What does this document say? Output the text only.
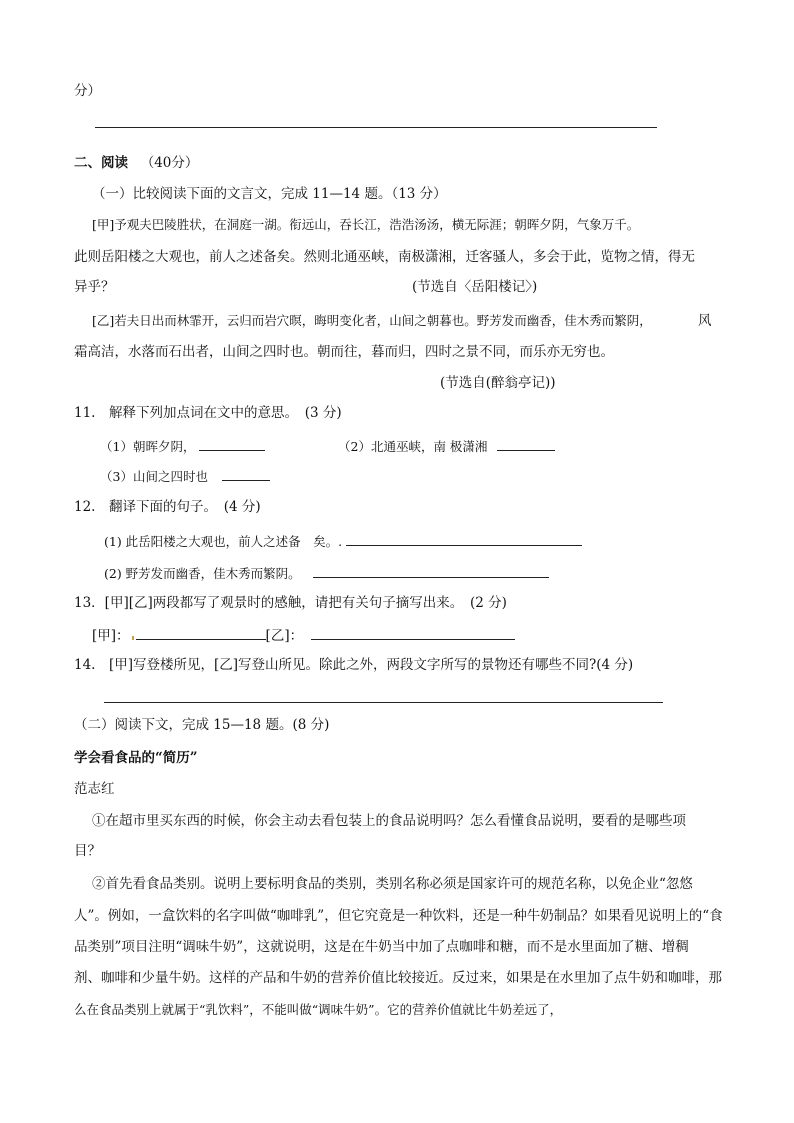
分）
二、阅读 （40分）
（一）比较阅读下面的文言文，完成 11—14 题。（13 分）
[甲]予观夫巴陵胜状，在洞庭一湖。衔远山，吞长江，浩浩汤汤，横无际涯；朝晖夕阴，气象万千。
此则岳阳楼之大观也，前人之述备矣。然则北通巫峡，南极潇湘，迁客骚人，多会于此，览物之情，得无
异乎？	(节选自〈岳阳楼记〉)
[乙]若夫日出而林霏开，云归而岩穴暝，晦明变化者，山间之朝暮也。野芳发而幽香，佳木秀而繁阴，	风
霜高洁，水落而石出者，山间之四时也。朝而往，暮而归，四时之景不同，而乐亦无穷也。
(节选自(醉翁亭记))
11.　解释下列加点词在文中的意思。　(3 分)
（1）朝晖夕阴，	（2）北通巫峡，南 极潇湘
（3）山间之四时也
12.　翻译下面的句子。　(4 分)
(1) 此岳阳楼之大观也，前人之述备　矣。.
(2) 野芳发而幽香，佳木秀而繁阴。
13．[甲][乙]两段都写了观景时的感触，请把有关句子摘写出来。　(2 分)
[甲]：	[乙]：
14.　[甲]写登楼所见，[乙]写登山所见。除此之外，两段文字所写的景物还有哪些不同?(4 分)
（二）阅读下文，完成 15—18 题。(8 分)
学会看食品的“简历”
范志红
①在超市里买东西的时候，你会主动去看包装上的食品说明吗？怎么看懂食品说明，要看的是哪些项
目？
②首先看食品类别。说明上要标明食品的类别，类别名称必须是国家许可的规范名称，以免企业“忽悠
人”。例如，一盒饮料的名字叫做“咖啡乳”，但它究竟是一种饮料，还是一种牛奶制品？如果看见说明上的“食
品类别”项目注明“调味牛奶”，这就说明，这是在牛奶当中加了点咖啡和糖，而不是水里面加了糖、增稠
剂、咖啡和少量牛奶。这样的产品和牛奶的营养价值比较接近。反过来，如果是在水里加了点牛奶和咖啡，那
么在食品类别上就属于“乳饮料”，不能叫做“调味牛奶”。它的营养价值就比牛奶差远了，
